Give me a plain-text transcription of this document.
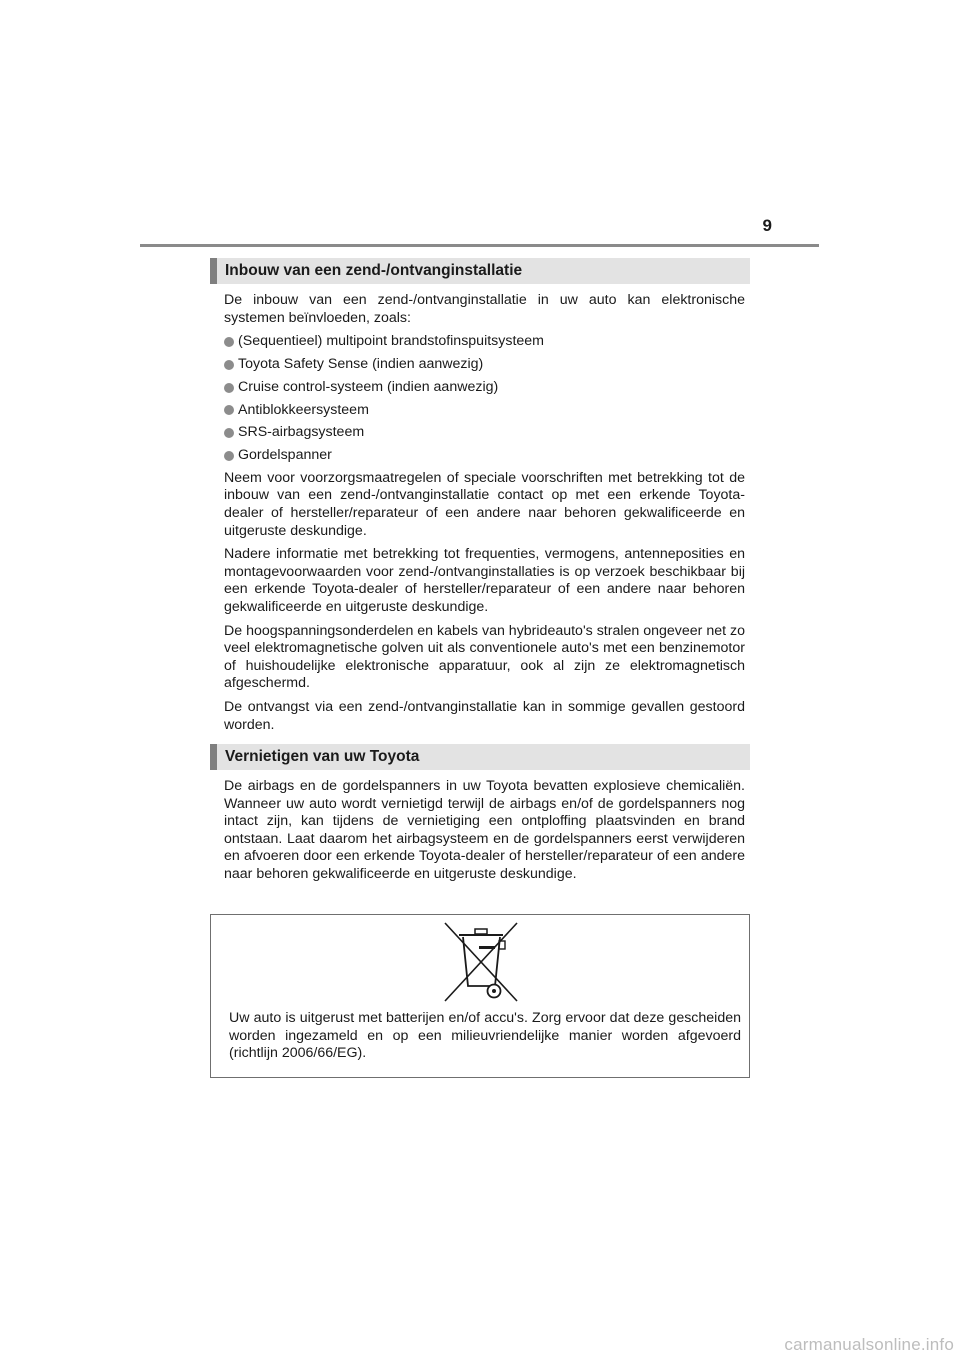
9
Inbouw van een zend-/ontvanginstallatie

De inbouw van een zend-/ontvanginstallatie in uw auto kan elektronische systemen beïnvloeden, zoals:

(Sequentieel) multipoint brandstofinspuitsysteem
Toyota Safety Sense (indien aanwezig)
Cruise control-systeem (indien aanwezig)
Antiblokkeersysteem
SRS-airbagsysteem
Gordelspanner

Neem voor voorzorgsmaatregelen of speciale voorschriften met betrekking tot de inbouw van een zend-/ontvanginstallatie contact op met een erkende Toyota-dealer of hersteller/reparateur of een andere naar behoren gekwalificeerde en uitgeruste deskundige.

Nadere informatie met betrekking tot frequenties, vermogens, antenneposities en montagevoorwaarden voor zend-/ontvanginstallaties is op verzoek beschikbaar bij een erkende Toyota-dealer of hersteller/reparateur of een andere naar behoren gekwalificeerde en uitgeruste deskundige.

De hoogspanningsonderdelen en kabels van hybrideauto's stralen ongeveer net zo veel elektromagnetische golven uit als conventionele auto's met een benzinemotor of huishoudelijke elektronische apparatuur, ook al zijn ze elektromagnetisch afgeschermd.

De ontvangst via een zend-/ontvanginstallatie kan in sommige gevallen gestoord worden.

Vernietigen van uw Toyota

De airbags en de gordelspanners in uw Toyota bevatten explosieve chemicaliën. Wanneer uw auto wordt vernietigd terwijl de airbags en/of de gordelspanners nog intact zijn, kan tijdens de vernietiging een ontploffing plaatsvinden en brand ontstaan. Laat daarom het airbagsysteem en de gordelspanners eerst verwijderen en afvoeren door een erkende Toyota-dealer of hersteller/reparateur of een andere naar behoren gekwalificeerde en uitgeruste deskundige.

Uw auto is uitgerust met batterijen en/of accu's. Zorg ervoor dat deze gescheiden worden ingezameld en op een milieuvriendelijke manier worden afgevoerd (richtlijn 2006/66/EG).

carmanualsonline.info
